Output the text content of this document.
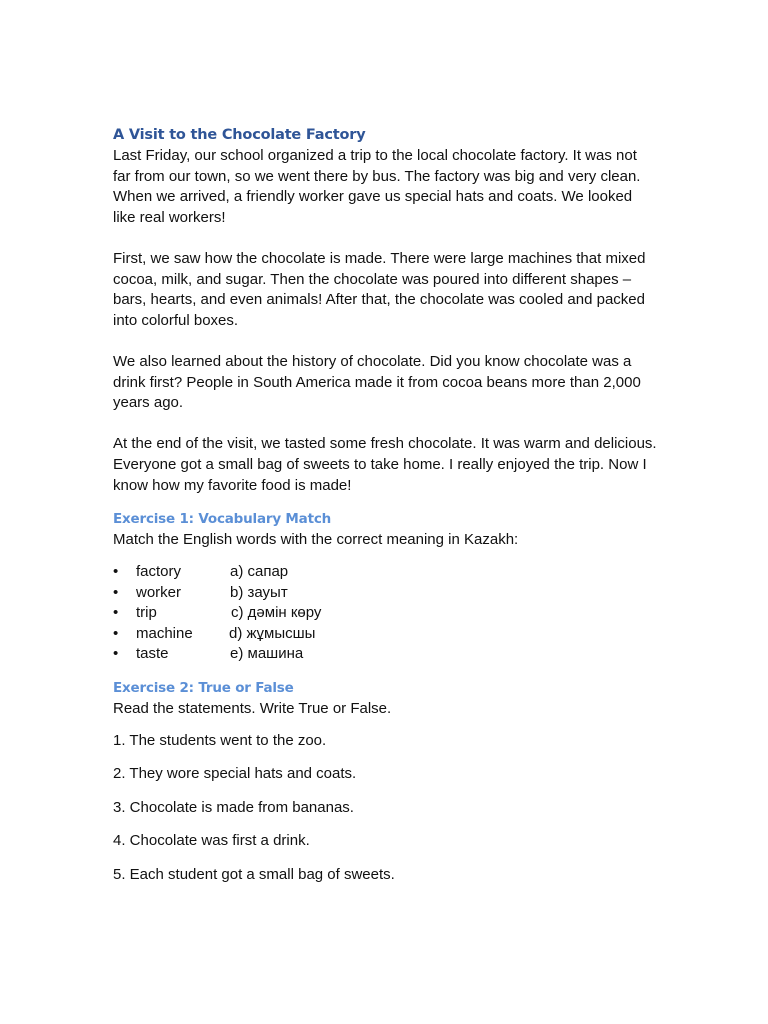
A Visit to the Chocolate Factory

Last Friday, our school organized a trip to the local chocolate factory. It was not far from our town, so we went there by bus. The factory was big and very clean. When we arrived, a friendly worker gave us special hats and coats. We looked like real workers!

First, we saw how the chocolate is made. There were large machines that mixed cocoa, milk, and sugar. Then the chocolate was poured into different shapes – bars, hearts, and even animals! After that, the chocolate was cooled and packed into colorful boxes.

We also learned about the history of chocolate. Did you know chocolate was a drink first? People in South America made it from cocoa beans more than 2,000 years ago.

At the end of the visit, we tasted some fresh chocolate. It was warm and delicious. Everyone got a small bag of sweets to take home. I really enjoyed the trip. Now I know how my favorite food is made!

Exercise 1: Vocabulary Match

Match the English words with the correct meaning in Kazakh:

• factory	a) сапар
• worker	b) зауыт
• trip	c) дәмін көру
• machine d) жұмысшы
• taste	e) машина
Exercise 2: True or False

Read the statements. Write True or False.

1. The students went to the zoo.

2. They wore special hats and coats.

3. Chocolate is made from bananas.

4. Chocolate was first a drink.

5. Each student got a small bag of sweets.
